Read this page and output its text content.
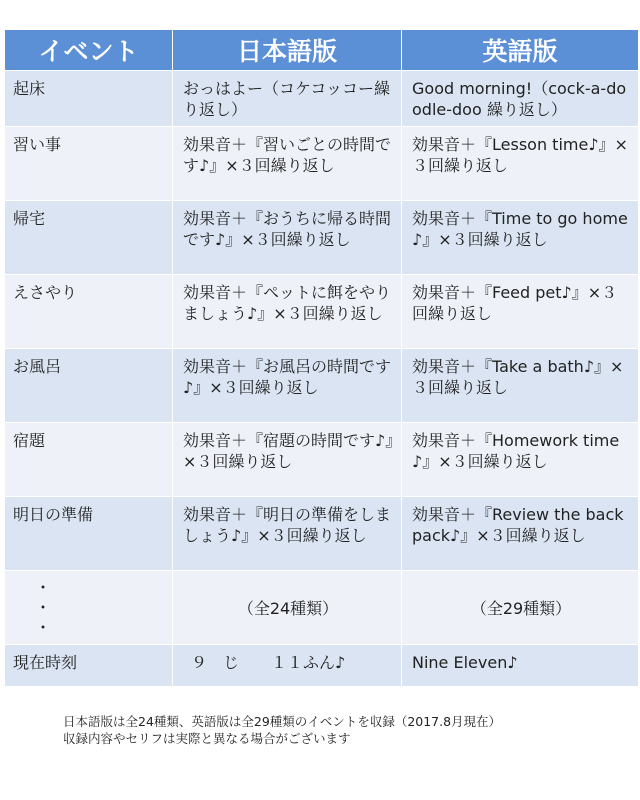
イベント	日本語版	英語版
起床	おっはよー（コケコッコー繰り返し）	Good morning!（cock-a-doodle-doo 繰り返し）
習い事	効果音＋『習いごとの時間です♪』×３回繰り返し	効果音＋『Lesson time♪』×３回繰り返し
帰宅	効果音＋『おうちに帰る時間です♪』×３回繰り返し	効果音＋『Time to go home♪』×３回繰り返し
えさやり	効果音＋『ペットに餌をやりましょう♪』×３回繰り返し	効果音＋『Feed pet♪』×３回繰り返し
お風呂	効果音＋『お風呂の時間です♪』×３回繰り返し	効果音＋『Take a bath♪』×３回繰り返し
宿題	効果音＋『宿題の時間です♪』×３回繰り返し	効果音＋『Homework time♪』×３回繰り返し
明日の準備	効果音＋『明日の準備をしましょう♪』×３回繰り返し	効果音＋『Review the backpack♪』×３回繰り返し

・
・
・	（全24種類）	（全29種類）
現在時刻	９　じ　　１１ふん♪	Nine Eleven♪
日本語版は全24種類、英語版は全29種類のイベントを収録（2017.8月現在）
収録内容やセリフは実際と異なる場合がございます
